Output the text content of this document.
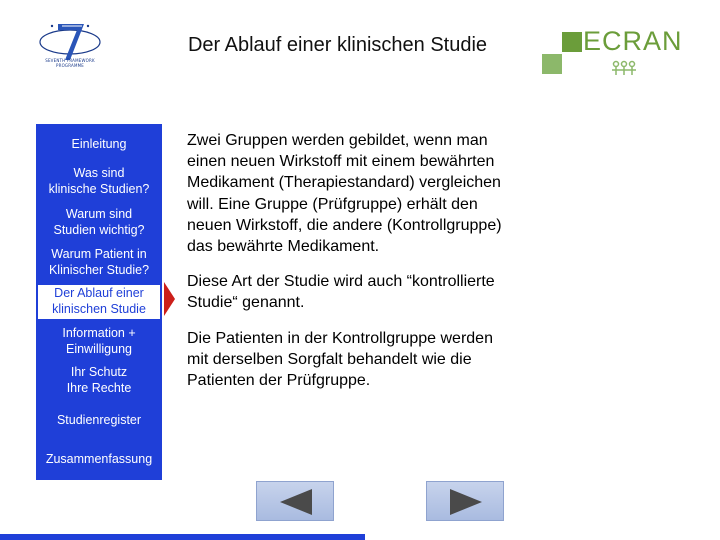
SEVENTH FRAMEWORK PROGRAMME
Der Ablauf einer klinischen Studie	ECRAN
Einleitung
Was sind
klinische Studien?
Warum sind
Studien wichtig?
Warum Patient in
Klinischer Studie?
Der Ablauf einer
klinischen Studie
Information +
Einwilligung
Ihr Schutz
Ihre Rechte
Studienregister
Zusammenfassung

Zwei Gruppen werden gebildet, wenn man einen neuen Wirkstoff mit einem bewährten Medikament (Therapiestandard) vergleichen will. Eine Gruppe (Prüfgruppe) erhält den neuen Wirkstoff, die andere (Kontrollgruppe) das bewährte Medikament.

Diese Art der Studie wird auch “kontrollierte Studie“ genannt.

Die Patienten in der Kontrollgruppe werden mit derselben Sorgfalt behandelt wie die Patienten der Prüfgruppe.
